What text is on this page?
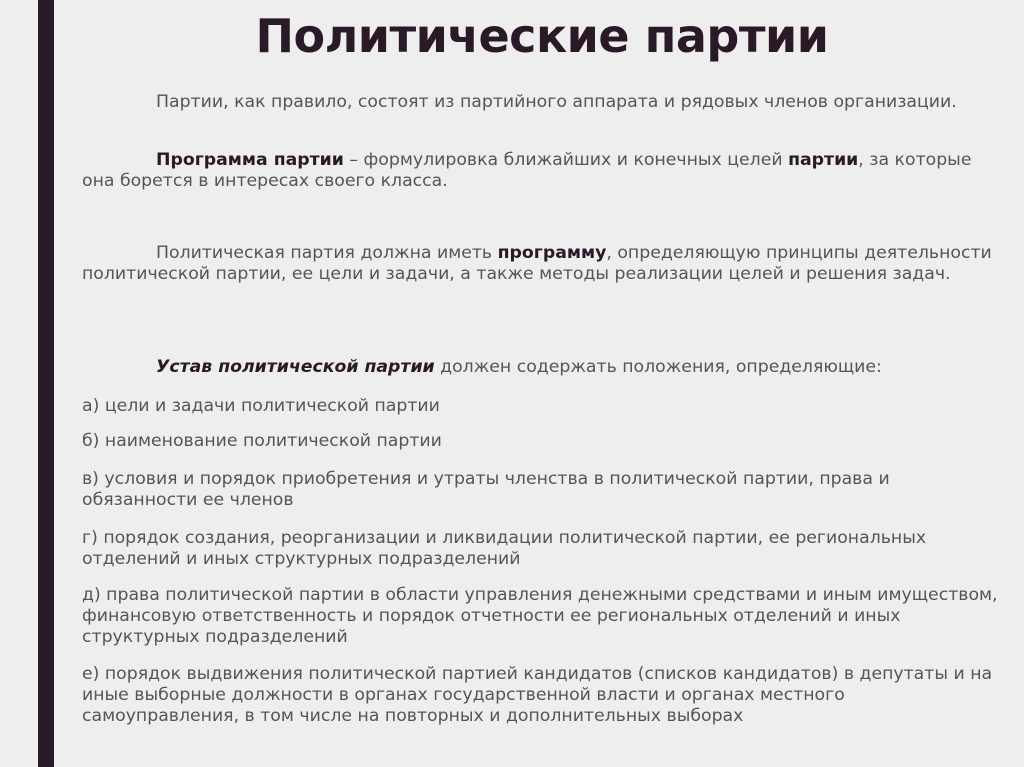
Политические партии

Партии, как правило, состоят из партийного аппарата и рядовых членов организации.

Программа партии – формулировка ближайших и конечных целей партии, за которые она борется в интересах своего класса.

Политическая партия должна иметь программу, определяющую принципы деятельности политической партии, ее цели и задачи, а также методы реализации целей и решения задач.

Устав политической партии должен содержать положения, определяющие:

а) цели и задачи политической партии

б) наименование политической партии

в) условия и порядок приобретения и утраты членства в политической партии, права и обязанности ее членов

г) порядок создания, реорганизации и ликвидации политической партии, ее региональных отделений и иных структурных подразделений

д) права политической партии в области управления денежными средствами и иным имуществом, финансовую ответственность и порядок отчетности ее региональных отделений и иных структурных подразделений

е) порядок выдвижения политической партией кандидатов (списков кандидатов) в депутаты и на иные выборные должности в органах государственной власти и органах местного самоуправления, в том числе на повторных и дополнительных выборах
